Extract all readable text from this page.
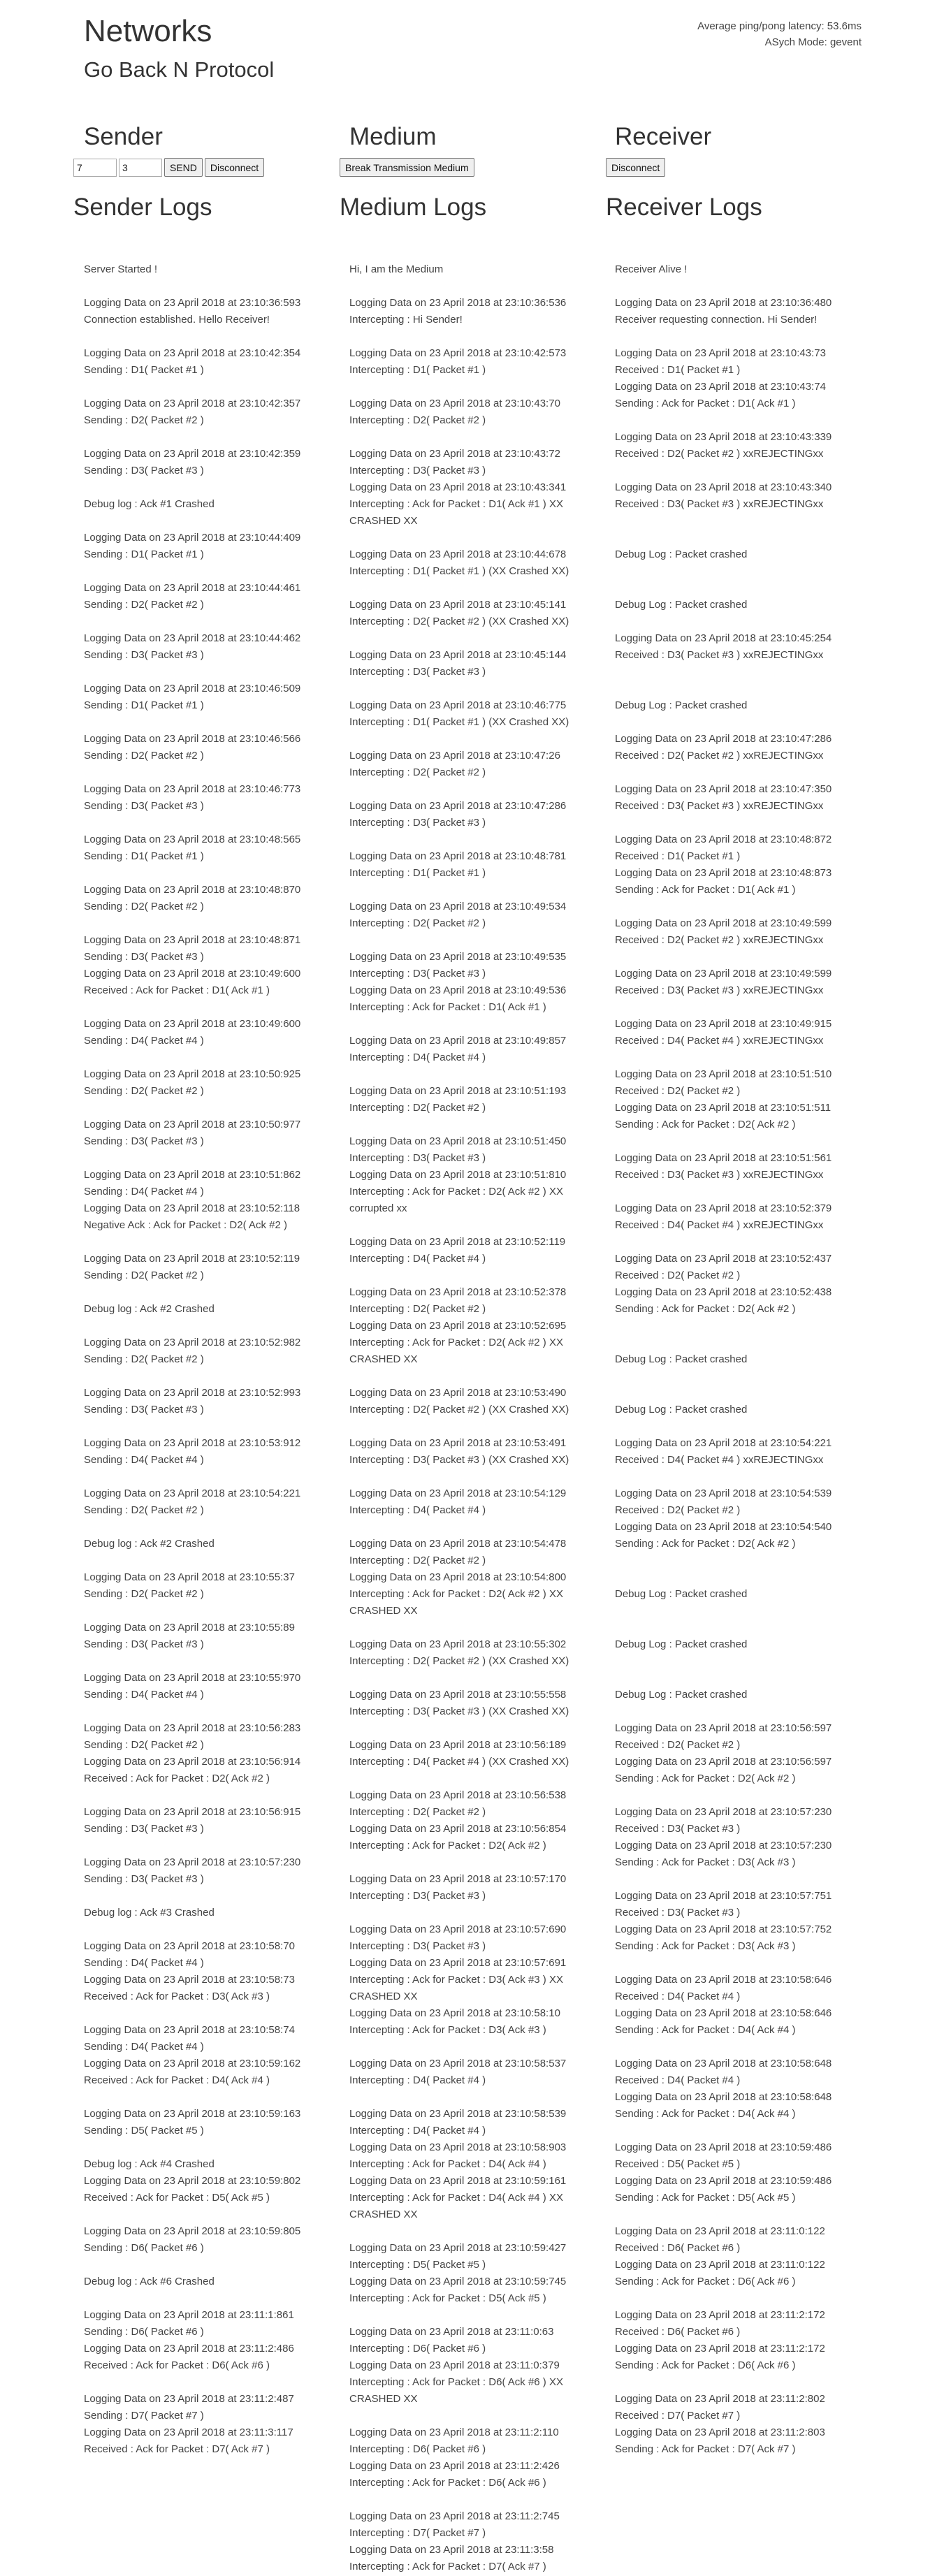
Networks
Go Back N Protocol
Average ping/pong latency: 53.6ms
ASych Mode: gevent
Sender
7
3
SEND	Disconnect
Sender Logs
Server Started !
Logging Data on 23 April 2018 at 23:10:36:593
Connection established. Hello Receiver!
Logging Data on 23 April 2018 at 23:10:42:354
Sending : D1( Packet #1 )
Logging Data on 23 April 2018 at 23:10:42:357
Sending : D2( Packet #2 )
Logging Data on 23 April 2018 at 23:10:42:359
Sending : D3( Packet #3 )
Debug log : Ack #1 Crashed
Logging Data on 23 April 2018 at 23:10:44:409
Sending : D1( Packet #1 )
Logging Data on 23 April 2018 at 23:10:44:461
Sending : D2( Packet #2 )
Logging Data on 23 April 2018 at 23:10:44:462
Sending : D3( Packet #3 )
Logging Data on 23 April 2018 at 23:10:46:509
Sending : D1( Packet #1 )
Logging Data on 23 April 2018 at 23:10:46:566
Sending : D2( Packet #2 )
Logging Data on 23 April 2018 at 23:10:46:773
Sending : D3( Packet #3 )
Logging Data on 23 April 2018 at 23:10:48:565
Sending : D1( Packet #1 )
Logging Data on 23 April 2018 at 23:10:48:870
Sending : D2( Packet #2 )
Logging Data on 23 April 2018 at 23:10:48:871
Sending : D3( Packet #3 )
Logging Data on 23 April 2018 at 23:10:49:600
Received : Ack for Packet : D1( Ack #1 )
Logging Data on 23 April 2018 at 23:10:49:600
Sending : D4( Packet #4 )
Logging Data on 23 April 2018 at 23:10:50:925
Sending : D2( Packet #2 )
Logging Data on 23 April 2018 at 23:10:50:977
Sending : D3( Packet #3 )
Logging Data on 23 April 2018 at 23:10:51:862
Sending : D4( Packet #4 )
Logging Data on 23 April 2018 at 23:10:52:118
Negative Ack : Ack for Packet : D2( Ack #2 )
Logging Data on 23 April 2018 at 23:10:52:119
Sending : D2( Packet #2 )
Debug log : Ack #2 Crashed
Logging Data on 23 April 2018 at 23:10:52:982
Sending : D2( Packet #2 )
Logging Data on 23 April 2018 at 23:10:52:993
Sending : D3( Packet #3 )
Logging Data on 23 April 2018 at 23:10:53:912
Sending : D4( Packet #4 )
Logging Data on 23 April 2018 at 23:10:54:221
Sending : D2( Packet #2 )
Debug log : Ack #2 Crashed
Logging Data on 23 April 2018 at 23:10:55:37
Sending : D2( Packet #2 )
Logging Data on 23 April 2018 at 23:10:55:89
Sending : D3( Packet #3 )
Logging Data on 23 April 2018 at 23:10:55:970
Sending : D4( Packet #4 )
Logging Data on 23 April 2018 at 23:10:56:283
Sending : D2( Packet #2 )
Logging Data on 23 April 2018 at 23:10:56:914
Received : Ack for Packet : D2( Ack #2 )
Logging Data on 23 April 2018 at 23:10:56:915
Sending : D3( Packet #3 )
Logging Data on 23 April 2018 at 23:10:57:230
Sending : D3( Packet #3 )
Debug log : Ack #3 Crashed
Logging Data on 23 April 2018 at 23:10:58:70
Sending : D4( Packet #4 )
Logging Data on 23 April 2018 at 23:10:58:73
Received : Ack for Packet : D3( Ack #3 )
Logging Data on 23 April 2018 at 23:10:58:74
Sending : D4( Packet #4 )
Logging Data on 23 April 2018 at 23:10:59:162
Received : Ack for Packet : D4( Ack #4 )
Logging Data on 23 April 2018 at 23:10:59:163
Sending : D5( Packet #5 )
Debug log : Ack #4 Crashed
Logging Data on 23 April 2018 at 23:10:59:802
Received : Ack for Packet : D5( Ack #5 )
Logging Data on 23 April 2018 at 23:10:59:805
Sending : D6( Packet #6 )
Debug log : Ack #6 Crashed
Logging Data on 23 April 2018 at 23:11:1:861
Sending : D6( Packet #6 )
Logging Data on 23 April 2018 at 23:11:2:486
Received : Ack for Packet : D6( Ack #6 )
Logging Data on 23 April 2018 at 23:11:2:487
Sending : D7( Packet #7 )
Logging Data on 23 April 2018 at 23:11:3:117
Received : Ack for Packet : D7( Ack #7 )
Medium
Break Transmission Medium
Medium Logs
Hi, I am the Medium
Logging Data on 23 April 2018 at 23:10:36:536
Intercepting : Hi Sender!
Logging Data on 23 April 2018 at 23:10:42:573
Intercepting : D1( Packet #1 )
Logging Data on 23 April 2018 at 23:10:43:70
Intercepting : D2( Packet #2 )
Logging Data on 23 April 2018 at 23:10:43:72
Intercepting : D3( Packet #3 )
Logging Data on 23 April 2018 at 23:10:43:341
Intercepting : Ack for Packet : D1( Ack #1 ) XX CRASHED XX
Logging Data on 23 April 2018 at 23:10:44:678
Intercepting : D1( Packet #1 ) (XX Crashed XX)
Logging Data on 23 April 2018 at 23:10:45:141
Intercepting : D2( Packet #2 ) (XX Crashed XX)
Logging Data on 23 April 2018 at 23:10:45:144
Intercepting : D3( Packet #3 )
Logging Data on 23 April 2018 at 23:10:46:775
Intercepting : D1( Packet #1 ) (XX Crashed XX)
Logging Data on 23 April 2018 at 23:10:47:26
Intercepting : D2( Packet #2 )
Logging Data on 23 April 2018 at 23:10:47:286
Intercepting : D3( Packet #3 )
Logging Data on 23 April 2018 at 23:10:48:781
Intercepting : D1( Packet #1 )
Logging Data on 23 April 2018 at 23:10:49:534
Intercepting : D2( Packet #2 )
Logging Data on 23 April 2018 at 23:10:49:535
Intercepting : D3( Packet #3 )
Logging Data on 23 April 2018 at 23:10:49:536
Intercepting : Ack for Packet : D1( Ack #1 )
Logging Data on 23 April 2018 at 23:10:49:857
Intercepting : D4( Packet #4 )
Logging Data on 23 April 2018 at 23:10:51:193
Intercepting : D2( Packet #2 )
Logging Data on 23 April 2018 at 23:10:51:450
Intercepting : D3( Packet #3 )
Logging Data on 23 April 2018 at 23:10:51:810
Intercepting : Ack for Packet : D2( Ack #2 ) XX corrupted xx
Logging Data on 23 April 2018 at 23:10:52:119
Intercepting : D4( Packet #4 )
Logging Data on 23 April 2018 at 23:10:52:378
Intercepting : D2( Packet #2 )
Logging Data on 23 April 2018 at 23:10:52:695
Intercepting : Ack for Packet : D2( Ack #2 ) XX CRASHED XX
Logging Data on 23 April 2018 at 23:10:53:490
Intercepting : D2( Packet #2 ) (XX Crashed XX)
Logging Data on 23 April 2018 at 23:10:53:491
Intercepting : D3( Packet #3 ) (XX Crashed XX)
Logging Data on 23 April 2018 at 23:10:54:129
Intercepting : D4( Packet #4 )
Logging Data on 23 April 2018 at 23:10:54:478
Intercepting : D2( Packet #2 )
Logging Data on 23 April 2018 at 23:10:54:800
Intercepting : Ack for Packet : D2( Ack #2 ) XX CRASHED XX
Logging Data on 23 April 2018 at 23:10:55:302
Intercepting : D2( Packet #2 ) (XX Crashed XX)
Logging Data on 23 April 2018 at 23:10:55:558
Intercepting : D3( Packet #3 ) (XX Crashed XX)
Logging Data on 23 April 2018 at 23:10:56:189
Intercepting : D4( Packet #4 ) (XX Crashed XX)
Logging Data on 23 April 2018 at 23:10:56:538
Intercepting : D2( Packet #2 )
Logging Data on 23 April 2018 at 23:10:56:854
Intercepting : Ack for Packet : D2( Ack #2 )
Logging Data on 23 April 2018 at 23:10:57:170
Intercepting : D3( Packet #3 )
Logging Data on 23 April 2018 at 23:10:57:690
Intercepting : D3( Packet #3 )
Logging Data on 23 April 2018 at 23:10:57:691
Intercepting : Ack for Packet : D3( Ack #3 ) XX CRASHED XX
Logging Data on 23 April 2018 at 23:10:58:10
Intercepting : Ack for Packet : D3( Ack #3 )
Logging Data on 23 April 2018 at 23:10:58:537
Intercepting : D4( Packet #4 )
Logging Data on 23 April 2018 at 23:10:58:539
Intercepting : D4( Packet #4 )
Logging Data on 23 April 2018 at 23:10:58:903
Intercepting : Ack for Packet : D4( Ack #4 )
Logging Data on 23 April 2018 at 23:10:59:161
Intercepting : Ack for Packet : D4( Ack #4 ) XX CRASHED XX
Logging Data on 23 April 2018 at 23:10:59:427
Intercepting : D5( Packet #5 )
Logging Data on 23 April 2018 at 23:10:59:745
Intercepting : Ack for Packet : D5( Ack #5 )
Logging Data on 23 April 2018 at 23:11:0:63
Intercepting : D6( Packet #6 )
Logging Data on 23 April 2018 at 23:11:0:379
Intercepting : Ack for Packet : D6( Ack #6 ) XX CRASHED XX
Logging Data on 23 April 2018 at 23:11:2:110
Intercepting : D6( Packet #6 )
Logging Data on 23 April 2018 at 23:11:2:426
Intercepting : Ack for Packet : D6( Ack #6 )
Logging Data on 23 April 2018 at 23:11:2:745
Intercepting : D7( Packet #7 )
Logging Data on 23 April 2018 at 23:11:3:58
Intercepting : Ack for Packet : D7( Ack #7 )
Receiver
Disconnect
Receiver Logs
Receiver Alive !
Logging Data on 23 April 2018 at 23:10:36:480
Receiver requesting connection. Hi Sender!
Logging Data on 23 April 2018 at 23:10:43:73
Received : D1( Packet #1 )
Logging Data on 23 April 2018 at 23:10:43:74
Sending : Ack for Packet : D1( Ack #1 )
Logging Data on 23 April 2018 at 23:10:43:339
Received : D2( Packet #2 ) xxREJECTINGxx
Logging Data on 23 April 2018 at 23:10:43:340
Received : D3( Packet #3 ) xxREJECTINGxx
Debug Log : Packet crashed
Debug Log : Packet crashed
Logging Data on 23 April 2018 at 23:10:45:254
Received : D3( Packet #3 ) xxREJECTINGxx
Debug Log : Packet crashed
Logging Data on 23 April 2018 at 23:10:47:286
Received : D2( Packet #2 ) xxREJECTINGxx
Logging Data on 23 April 2018 at 23:10:47:350
Received : D3( Packet #3 ) xxREJECTINGxx
Logging Data on 23 April 2018 at 23:10:48:872
Received : D1( Packet #1 )
Logging Data on 23 April 2018 at 23:10:48:873
Sending : Ack for Packet : D1( Ack #1 )
Logging Data on 23 April 2018 at 23:10:49:599
Received : D2( Packet #2 ) xxREJECTINGxx
Logging Data on 23 April 2018 at 23:10:49:599
Received : D3( Packet #3 ) xxREJECTINGxx
Logging Data on 23 April 2018 at 23:10:49:915
Received : D4( Packet #4 ) xxREJECTINGxx
Logging Data on 23 April 2018 at 23:10:51:510
Received : D2( Packet #2 )
Logging Data on 23 April 2018 at 23:10:51:511
Sending : Ack for Packet : D2( Ack #2 )
Logging Data on 23 April 2018 at 23:10:51:561
Received : D3( Packet #3 ) xxREJECTINGxx
Logging Data on 23 April 2018 at 23:10:52:379
Received : D4( Packet #4 ) xxREJECTINGxx
Logging Data on 23 April 2018 at 23:10:52:437
Received : D2( Packet #2 )
Logging Data on 23 April 2018 at 23:10:52:438
Sending : Ack for Packet : D2( Ack #2 )
Debug Log : Packet crashed
Debug Log : Packet crashed
Logging Data on 23 April 2018 at 23:10:54:221
Received : D4( Packet #4 ) xxREJECTINGxx
Logging Data on 23 April 2018 at 23:10:54:539
Received : D2( Packet #2 )
Logging Data on 23 April 2018 at 23:10:54:540
Sending : Ack for Packet : D2( Ack #2 )
Debug Log : Packet crashed
Debug Log : Packet crashed
Debug Log : Packet crashed
Logging Data on 23 April 2018 at 23:10:56:597
Received : D2( Packet #2 )
Logging Data on 23 April 2018 at 23:10:56:597
Sending : Ack for Packet : D2( Ack #2 )
Logging Data on 23 April 2018 at 23:10:57:230
Received : D3( Packet #3 )
Logging Data on 23 April 2018 at 23:10:57:230
Sending : Ack for Packet : D3( Ack #3 )
Logging Data on 23 April 2018 at 23:10:57:751
Received : D3( Packet #3 )
Logging Data on 23 April 2018 at 23:10:57:752
Sending : Ack for Packet : D3( Ack #3 )
Logging Data on 23 April 2018 at 23:10:58:646
Received : D4( Packet #4 )
Logging Data on 23 April 2018 at 23:10:58:646
Sending : Ack for Packet : D4( Ack #4 )
Logging Data on 23 April 2018 at 23:10:58:648
Received : D4( Packet #4 )
Logging Data on 23 April 2018 at 23:10:58:648
Sending : Ack for Packet : D4( Ack #4 )
Logging Data on 23 April 2018 at 23:10:59:486
Received : D5( Packet #5 )
Logging Data on 23 April 2018 at 23:10:59:486
Sending : Ack for Packet : D5( Ack #5 )
Logging Data on 23 April 2018 at 23:11:0:122
Received : D6( Packet #6 )
Logging Data on 23 April 2018 at 23:11:0:122
Sending : Ack for Packet : D6( Ack #6 )
Logging Data on 23 April 2018 at 23:11:2:172
Received : D6( Packet #6 )
Logging Data on 23 April 2018 at 23:11:2:172
Sending : Ack for Packet : D6( Ack #6 )
Logging Data on 23 April 2018 at 23:11:2:802
Received : D7( Packet #7 )
Logging Data on 23 April 2018 at 23:11:2:803
Sending : Ack for Packet : D7( Ack #7 )
